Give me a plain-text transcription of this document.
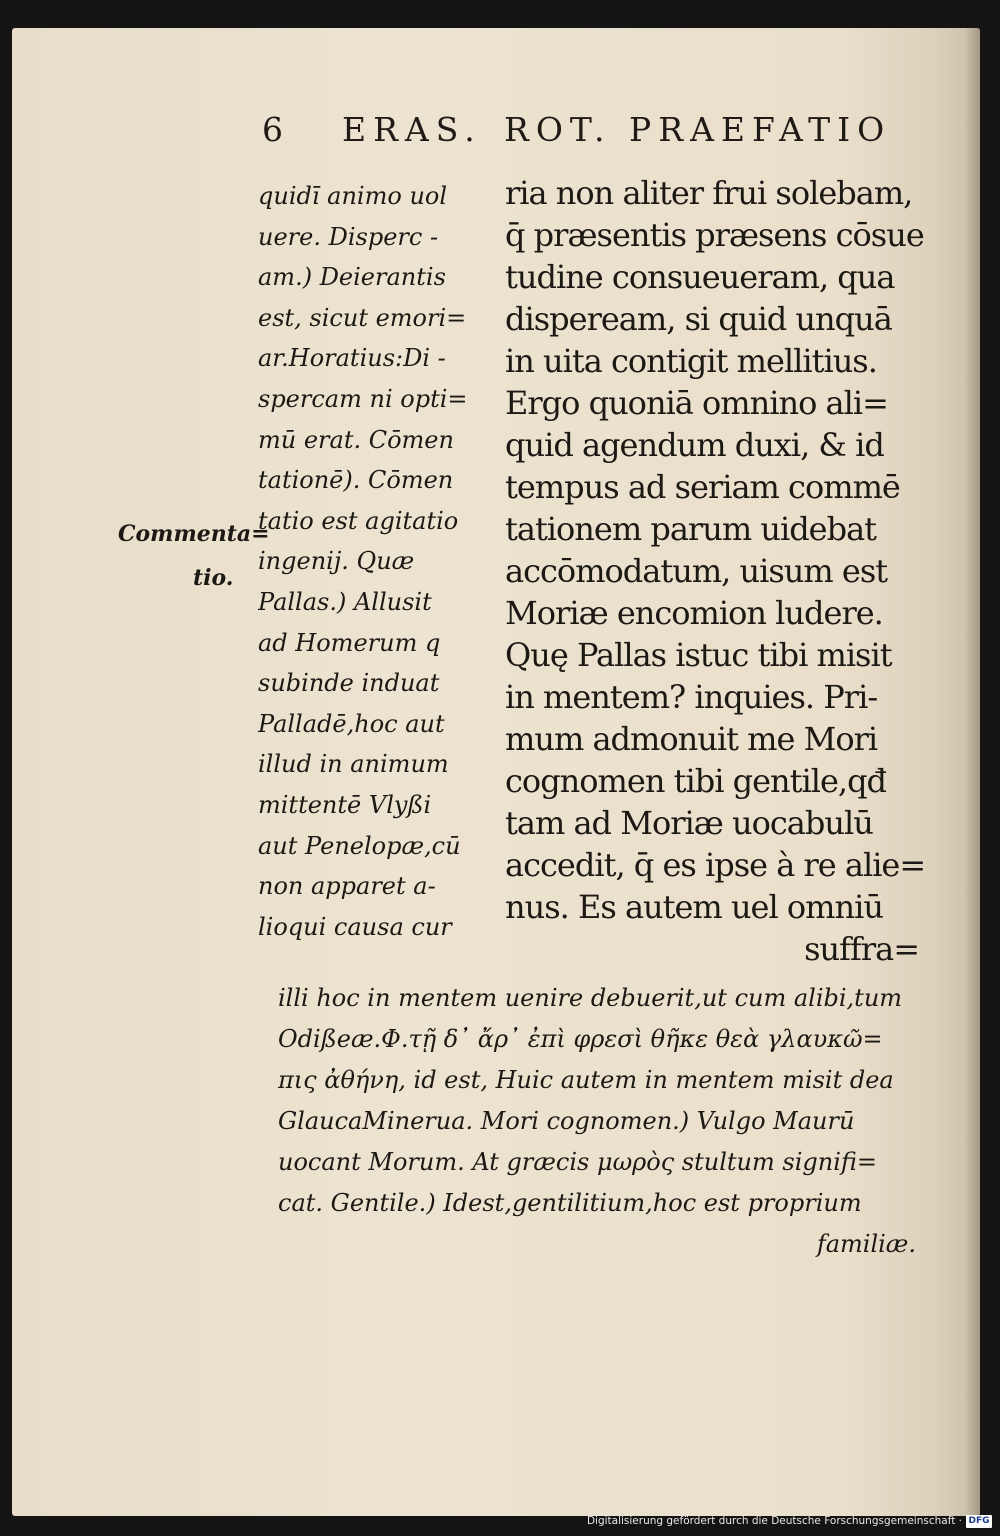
6 ERAS. ROT. PRAEFATIO
quidī animo uol
uere. Disperc -
am.) Deierantis
est, sicut emori=
ar.Horatius:Di -
spercam ni opti=
mū erat. Cōmen
tationē). Cōmen
tatio est agitatio
ingenij. Quæ
Pallas.) Allusit
ad Homerum q
subinde induat
Palladē,hoc aut
illud in animum
mittentē Vlyßi
aut Penelopæ,cū
non apparet a-
lioqui causa cur
ria non aliter frui solebam,
q̄ præsentis præsens cōsue
tudine consueueram, qua
dispeream, si quid unquā
in uita contigit mellitius.
Ergo quoniā omnino ali=
quid agendum duxi, & id
tempus ad seriam commē
tationem parum uidebat
accōmodatum, uisum est
Moriæ encomion ludere.
Quę Pallas istuc tibi misit
in mentem? inquies. Pri-
mum admonuit me Mori
cognomen tibi gentile,qđ
tam ad Moriæ uocabulū
accedit, q̄ es ipse à re alie=
nus. Es autem uel omniū
suffra=
Commenta=
tio.
illi hoc in mentem uenire debuerit,ut cum alibi,tum
Odißeæ.Φ.τῇ δ᾽ ἄρ᾽ ἐπὶ φρεσὶ θῆκε θεὰ γλαυκῶ=
πις ἀθήνη, id est, Huic autem in mentem misit dea
GlaucaMinerua. Mori cognomen.) Vulgo Maurū
uocant Morum. At græcis μωρὸς stultum signifi=
cat. Gentile.) Idest,gentilitium,hoc est proprium
familiæ.
Digitalisierung gefördert durch die Deutsche Forschungsgemeinschaft · DFG
